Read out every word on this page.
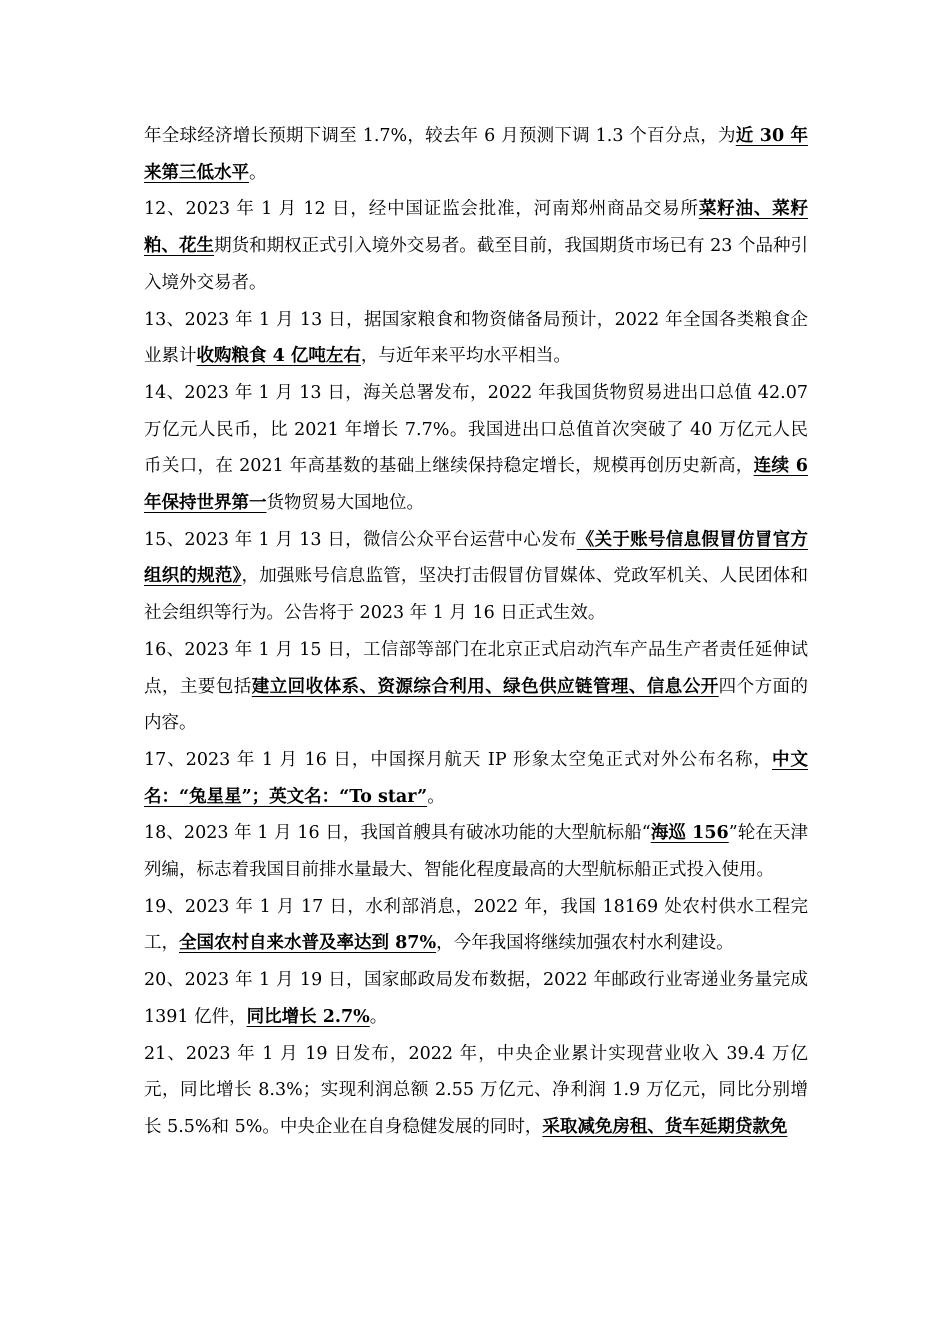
年全球经济增长预期下调至 1.7%，较去年 6 月预测下调 1.3 个百分点，为近 30 年来第三低水平。

12、2023 年 1 月 12 日，经中国证监会批准，河南郑州商品交易所菜籽油、菜籽粕、花生期货和期权正式引入境外交易者。截至目前，我国期货市场已有 23 个品种引入境外交易者。

13、2023 年 1 月 13 日，据国家粮食和物资储备局预计，2022 年全国各类粮食企业累计收购粮食 4 亿吨左右，与近年来平均水平相当。

14、2023 年 1 月 13 日，海关总署发布，2022 年我国货物贸易进出口总值 42.07 万亿元人民币，比 2021 年增长 7.7%。我国进出口总值首次突破了 40 万亿元人民币关口，在 2021 年高基数的基础上继续保持稳定增长，规模再创历史新高，连续 6 年保持世界第一货物贸易大国地位。

15、2023 年 1 月 13 日，微信公众平台运营中心发布《关于账号信息假冒仿冒官方组织的规范》，加强账号信息监管，坚决打击假冒仿冒媒体、党政军机关、人民团体和社会组织等行为。公告将于 2023 年 1 月 16 日正式生效。

16、2023 年 1 月 15 日，工信部等部门在北京正式启动汽车产品生产者责任延伸试点，主要包括建立回收体系、资源综合利用、绿色供应链管理、信息公开四个方面的内容。

17、2023 年 1 月 16 日，中国探月航天 IP 形象太空兔正式对外公布名称，中文名：“兔星星”；英文名：“To star”。

18、2023 年 1 月 16 日，我国首艘具有破冰功能的大型航标船“海巡 156”轮在天津列编，标志着我国目前排水量最大、智能化程度最高的大型航标船正式投入使用。

19、2023 年 1 月 17 日，水利部消息，2022 年，我国 18169 处农村供水工程完工，全国农村自来水普及率达到 87%，今年我国将继续加强农村水利建设。

20、2023 年 1 月 19 日，国家邮政局发布数据，2022 年邮政行业寄递业务量完成 1391 亿件，同比增长 2.7%。

21、2023 年 1 月 19 日发布，2022 年，中央企业累计实现营业收入 39.4 万亿元，同比增长 8.3%；实现利润总额 2.55 万亿元、净利润 1.9 万亿元，同比分别增长 5.5%和 5%。中央企业在自身稳健发展的同时，采取减免房租、货车延期贷款免
